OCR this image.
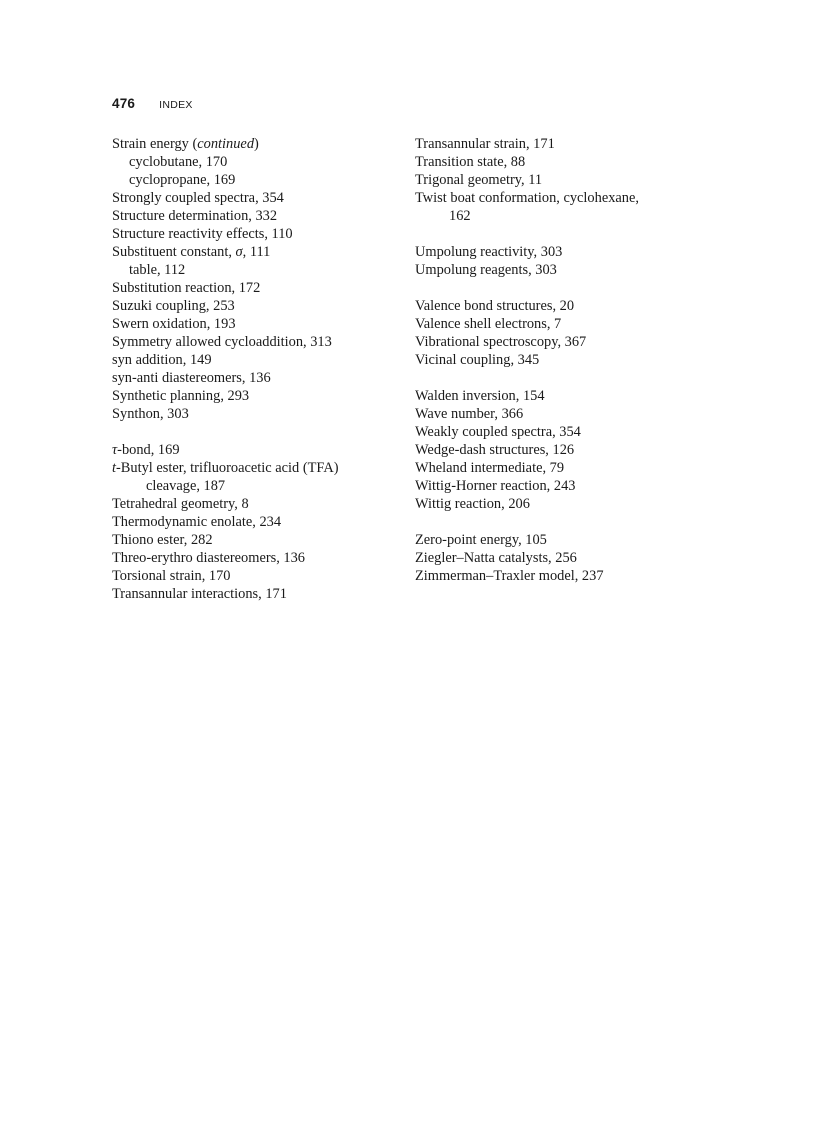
476 INDEX
Strain energy (continued)
cyclobutane, 170
cyclopropane, 169
Strongly coupled spectra, 354
Structure determination, 332
Structure reactivity effects, 110
Substituent constant, σ, 111
table, 112
Substitution reaction, 172
Suzuki coupling, 253
Swern oxidation, 193
Symmetry allowed cycloaddition, 313
syn addition, 149
syn-anti diastereomers, 136
Synthetic planning, 293
Synthon, 303
τ-bond, 169
t-Butyl ester, trifluoroacetic acid (TFA)
cleavage, 187
Tetrahedral geometry, 8
Thermodynamic enolate, 234
Thiono ester, 282
Threo-erythro diastereomers, 136
Torsional strain, 170
Transannular interactions, 171
Transannular strain, 171
Transition state, 88
Trigonal geometry, 11
Twist boat conformation, cyclohexane,
162
Umpolung reactivity, 303
Umpolung reagents, 303
Valence bond structures, 20
Valence shell electrons, 7
Vibrational spectroscopy, 367
Vicinal coupling, 345
Walden inversion, 154
Wave number, 366
Weakly coupled spectra, 354
Wedge-dash structures, 126
Wheland intermediate, 79
Wittig-Horner reaction, 243
Wittig reaction, 206
Zero-point energy, 105
Ziegler–Natta catalysts, 256
Zimmerman–Traxler model, 237
